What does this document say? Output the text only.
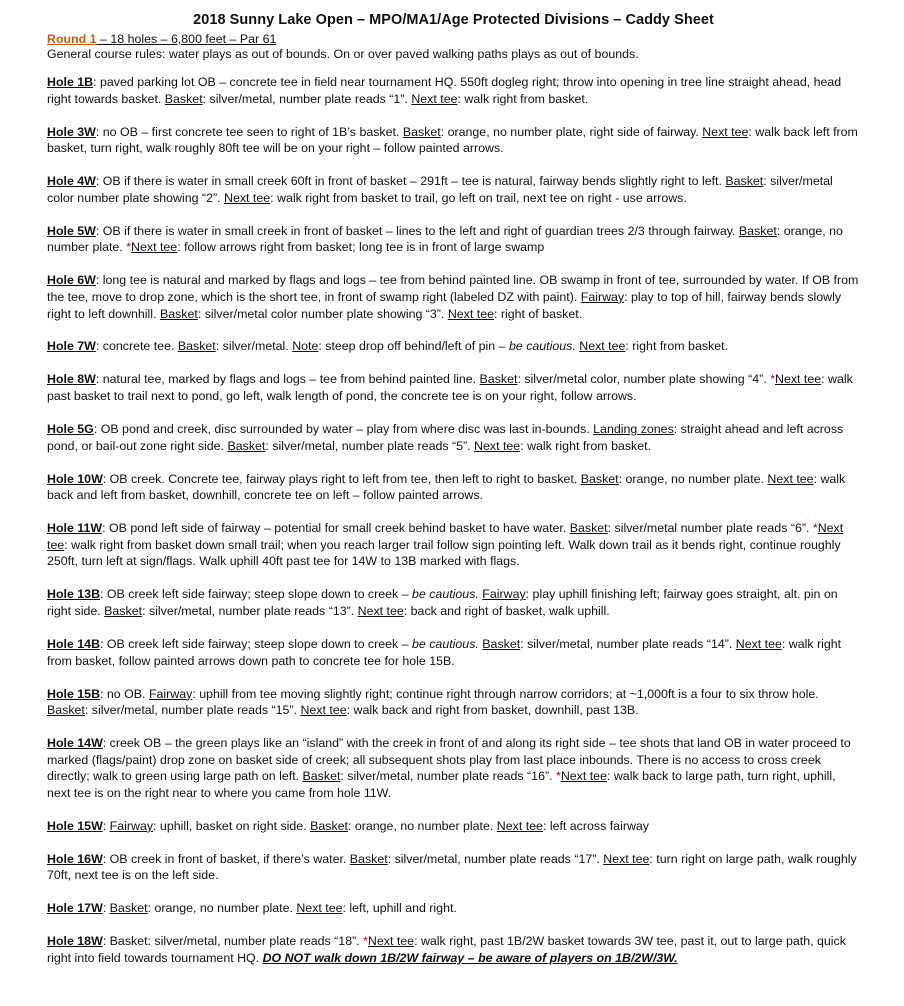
2018 Sunny Lake Open – MPO/MA1/Age Protected Divisions – Caddy Sheet
Round 1 – 18 holes – 6,800 feet – Par 61
General course rules: water plays as out of bounds. On or over paved walking paths plays as out of bounds.
Hole 1B: paved parking lot OB – concrete tee in field near tournament HQ. 550ft dogleg right; throw into opening in tree line straight ahead, head right towards basket. Basket: silver/metal, number plate reads “1”. Next tee: walk right from basket.
Hole 3W: no OB – first concrete tee seen to right of 1B’s basket. Basket: orange, no number plate, right side of fairway. Next tee: walk back left from basket, turn right, walk roughly 80ft tee will be on your right – follow painted arrows.
Hole 4W: OB if there is water in small creek 60ft in front of basket – 291ft – tee is natural, fairway bends slightly right to left. Basket: silver/metal color number plate showing “2”. Next tee: walk right from basket to trail, go left on trail, next tee on right - use arrows.
Hole 5W: OB if there is water in small creek in front of basket – lines to the left and right of guardian trees 2/3 through fairway. Basket: orange, no number plate. *Next tee: follow arrows right from basket; long tee is in front of large swamp
Hole 6W: long tee is natural and marked by flags and logs – tee from behind painted line. OB swamp in front of tee, surrounded by water. If OB from the tee, move to drop zone, which is the short tee, in front of swamp right (labeled DZ with paint). Fairway: play to top of hill, fairway bends slowly right to left downhill. Basket: silver/metal color number plate showing “3”. Next tee: right of basket.
Hole 7W: concrete tee. Basket: silver/metal. Note: steep drop off behind/left of pin – be cautious. Next tee: right from basket.
Hole 8W: natural tee, marked by flags and logs – tee from behind painted line. Basket: silver/metal color, number plate showing “4”. *Next tee: walk past basket to trail next to pond, go left, walk length of pond, the concrete tee is on your right, follow arrows.
Hole 5G: OB pond and creek, disc surrounded by water – play from where disc was last in-bounds. Landing zones: straight ahead and left across pond, or bail-out zone right side. Basket: silver/metal, number plate reads “5”. Next tee: walk right from basket.
Hole 10W: OB creek. Concrete tee, fairway plays right to left from tee, then left to right to basket. Basket: orange, no number plate. Next tee: walk back and left from basket, downhill, concrete tee on left – follow painted arrows.
Hole 11W: OB pond left side of fairway – potential for small creek behind basket to have water. Basket: silver/metal number plate reads “6”. *Next tee: walk right from basket down small trail; when you reach larger trail follow sign pointing left. Walk down trail as it bends right, continue roughly 250ft, turn left at sign/flags. Walk uphill 40ft past tee for 14W to 13B marked with flags.
Hole 13B: OB creek left side fairway; steep slope down to creek – be cautious. Fairway: play uphill finishing left; fairway goes straight, alt. pin on right side. Basket: silver/metal, number plate reads “13”. Next tee: back and right of basket, walk uphill.
Hole 14B: OB creek left side fairway; steep slope down to creek – be cautious. Basket: silver/metal, number plate reads “14”. Next tee: walk right from basket, follow painted arrows down path to concrete tee for hole 15B.
Hole 15B: no OB. Fairway: uphill from tee moving slightly right; continue right through narrow corridors; at ~1,000ft is a four to six throw hole. Basket: silver/metal, number plate reads “15”. Next tee: walk back and right from basket, downhill, past 13B.
Hole 14W: creek OB – the green plays like an “island” with the creek in front of and along its right side – tee shots that land OB in water proceed to marked (flags/paint) drop zone on basket side of creek; all subsequent shots play from last place inbounds. There is no access to cross creek directly; walk to green using large path on left. Basket: silver/metal, number plate reads “16”. *Next tee: walk back to large path, turn right, uphill, next tee is on the right near to where you came from hole 11W.
Hole 15W: Fairway: uphill, basket on right side. Basket: orange, no number plate. Next tee: left across fairway
Hole 16W: OB creek in front of basket, if there’s water. Basket: silver/metal, number plate reads “17”. Next tee: turn right on large path, walk roughly 70ft, next tee is on the left side.
Hole 17W: Basket: orange, no number plate. Next tee: left, uphill and right.
Hole 18W: Basket: silver/metal, number plate reads “18”. *Next tee: walk right, past 1B/2W basket towards 3W tee, past it, out to large path, quick right into field towards tournament HQ. DO NOT walk down 1B/2W fairway – be aware of players on 1B/2W/3W.
